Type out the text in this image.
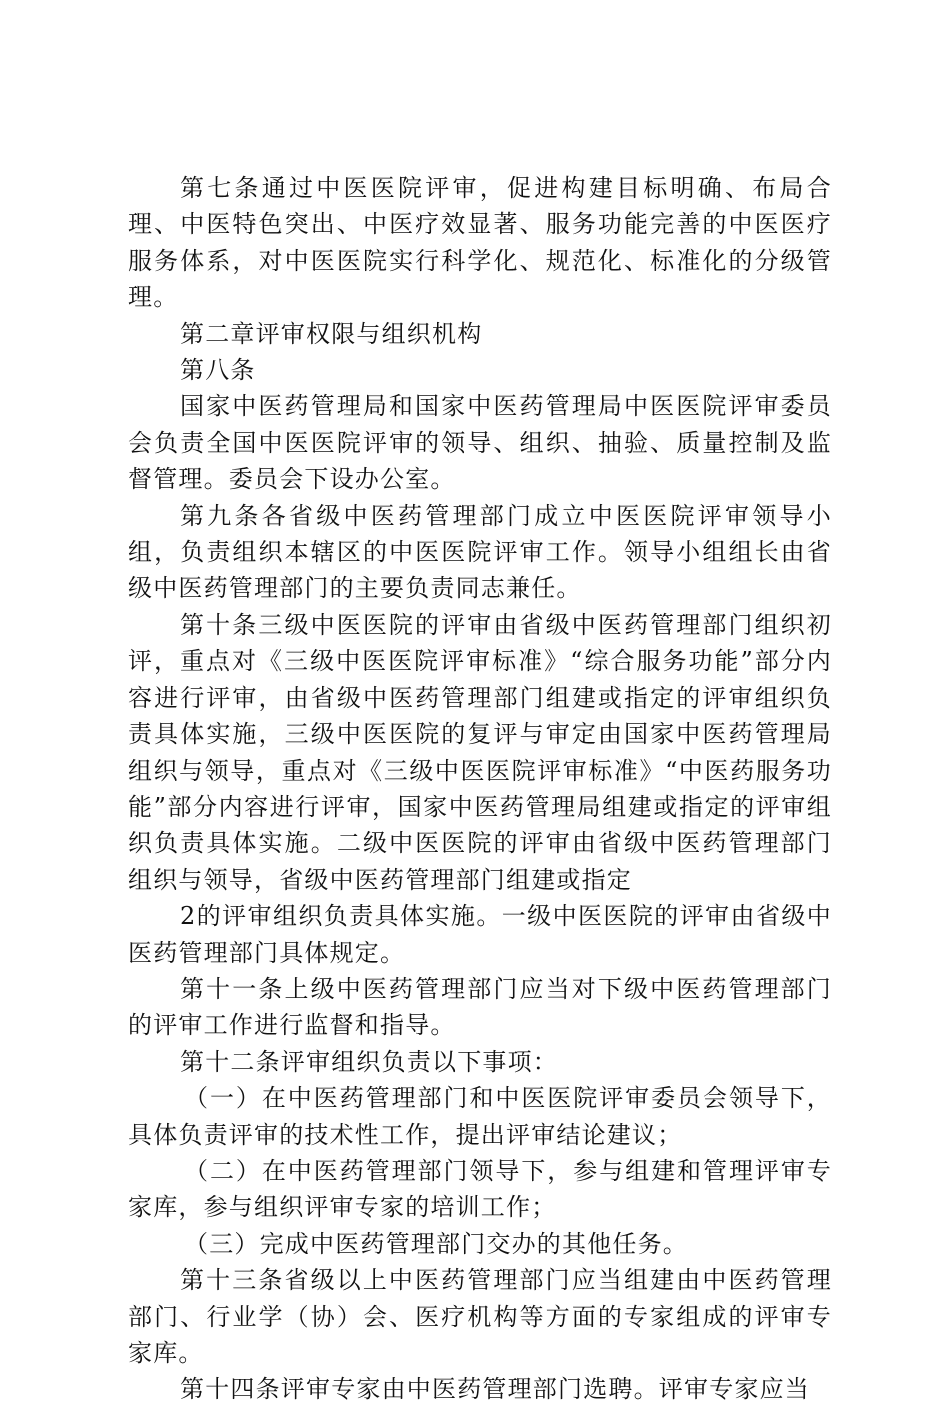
第七条通过中医医院评审，促进构建目标明确、布局合理、中医特色突出、中医疗效显著、服务功能完善的中医医疗服务体系，对中医医院实行科学化、规范化、标准化的分级管理。

第二章评审权限与组织机构

第八条

国家中医药管理局和国家中医药管理局中医医院评审委员会负责全国中医医院评审的领导、组织、抽验、质量控制及监督管理。委员会下设办公室。

第九条各省级中医药管理部门成立中医医院评审领导小组，负责组织本辖区的中医医院评审工作。领导小组组长由省级中医药管理部门的主要负责同志兼任。

第十条三级中医医院的评审由省级中医药管理部门组织初评，重点对《三级中医医院评审标准》“综合服务功能”部分内容进行评审，由省级中医药管理部门组建或指定的评审组织负责具体实施，三级中医医院的复评与审定由国家中医药管理局组织与领导，重点对《三级中医医院评审标准》“中医药服务功能”部分内容进行评审，国家中医药管理局组建或指定的评审组织负责具体实施。二级中医医院的评审由省级中医药管理部门组织与领导，省级中医药管理部门组建或指定

2的评审组织负责具体实施。一级中医医院的评审由省级中医药管理部门具体规定。

第十一条上级中医药管理部门应当对下级中医药管理部门的评审工作进行监督和指导。

第十二条评审组织负责以下事项：

（一）在中医药管理部门和中医医院评审委员会领导下，具体负责评审的技术性工作，提出评审结论建议；

（二）在中医药管理部门领导下，参与组建和管理评审专家库，参与组织评审专家的培训工作；

（三）完成中医药管理部门交办的其他任务。

第十三条省级以上中医药管理部门应当组建由中医药管理部门、行业学（协）会、医疗机构等方面的专家组成的评审专家库。

第十四条评审专家由中医药管理部门选聘。评审专家应当
